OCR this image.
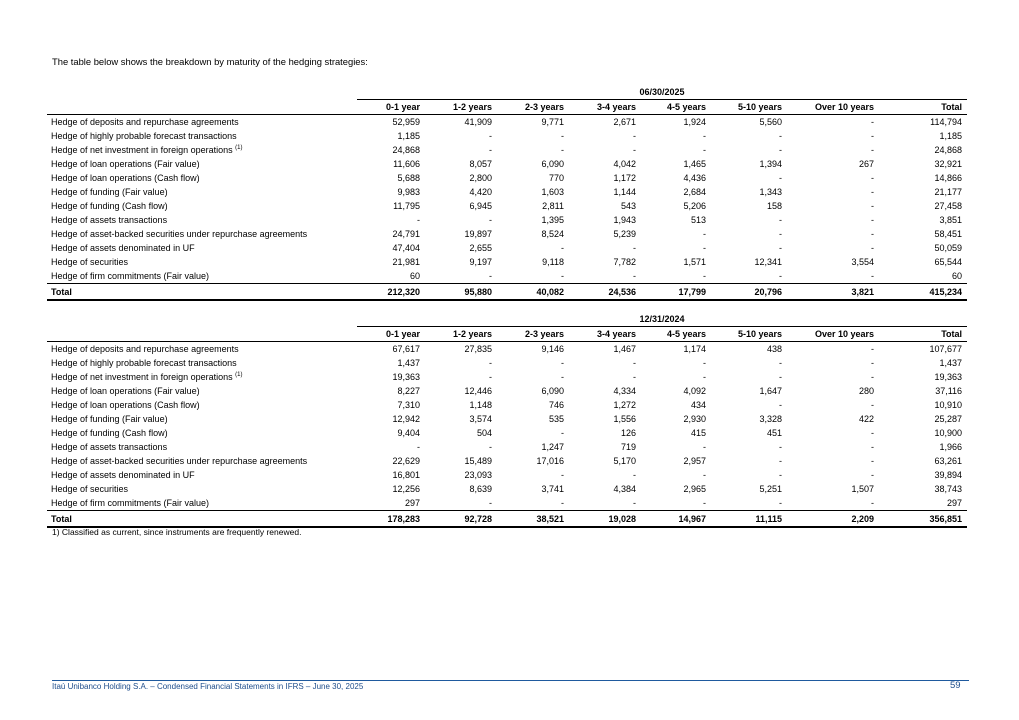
The table below shows the breakdown by maturity of the hedging strategies:
	06/30/2025							
	0-1 year	1-2 years	2-3 years	3-4 years	4-5 years	5-10 years	Over 10 years	Total
Hedge of deposits and repurchase agreements	52,959	41,909	9,771	2,671	1,924	5,560	-	114,794
Hedge of highly probable forecast transactions	1,185	-	-	-	-	-	-	1,185
Hedge of net investment in foreign operations $^{(1)}$	24,868	-	-	-	-	-	-	24,868
Hedge of loan operations (Fair value)	11,606	8,057	6,090	4,042	1,465	1,394	267	32,921
Hedge of loan operations (Cash flow)	5,688	2,800	770	1,172	4,436	-	-	14,866
Hedge of funding (Fair value)	9,983	4,420	1,603	1,144	2,684	1,343	-	21,177
Hedge of funding (Cash flow)	11,795	6,945	2,811	543	5,206	158	-	27,458
Hedge of assets transactions	-	-	1,395	1,943	513	-	-	3,851
Hedge of asset-backed securities under repurchase agreements	24,791	19,897	8,524	5,239	-	-	-	58,451
Hedge of assets denominated in UF	47,404	2,655	-	-	-	-	-	50,059
Hedge of securities	21,981	9,197	9,118	7,782	1,571	12,341	3,554	65,544
Hedge of firm commitments (Fair value)	60	-	-	-	-	-	-	60
Total	212,320	95,880	40,082	24,536	17,799	20,796	3,821	415,234
	12/31/2024							
	0-1 year	1-2 years	2-3 years	3-4 years	4-5 years	5-10 years	Over 10 years	Total
Hedge of deposits and repurchase agreements	67,617	27,835	9,146	1,467	1,174	438	-	107,677
Hedge of highly probable forecast transactions	1,437	-	-	-	-	-	-	1,437
Hedge of net investment in foreign operations $^{(1)}$	19,363	-	-	-	-	-	-	19,363
Hedge of loan operations (Fair value)	8,227	12,446	6,090	4,334	4,092	1,647	280	37,116
Hedge of loan operations (Cash flow)	7,310	1,148	746	1,272	434	-	-	10,910
Hedge of funding (Fair value)	12,942	3,574	535	1,556	2,930	3,328	422	25,287
Hedge of funding (Cash flow)	9,404	504	-	126	415	451	-	10,900
Hedge of assets transactions	-	-	1,247	719	-	-	-	1,966
Hedge of asset-backed securities under repurchase agreements	22,629	15,489	17,016	5,170	2,957	-	-	63,261
Hedge of assets denominated in UF	16,801	23,093	-	-	-	-	-	39,894
Hedge of securities	12,256	8,639	3,741	4,384	2,965	5,251	1,507	38,743
Hedge of firm commitments (Fair value)	297	-	-	-	-	-	-	297
Total	178,283	92,728	38,521	19,028	14,967	11,115	2,209	356,851
1) Classified as current, since instruments are frequently renewed.
Itaú Unibanco Holding S.A. – Condensed Financial Statements in IFRS – June 30, 2025	59
